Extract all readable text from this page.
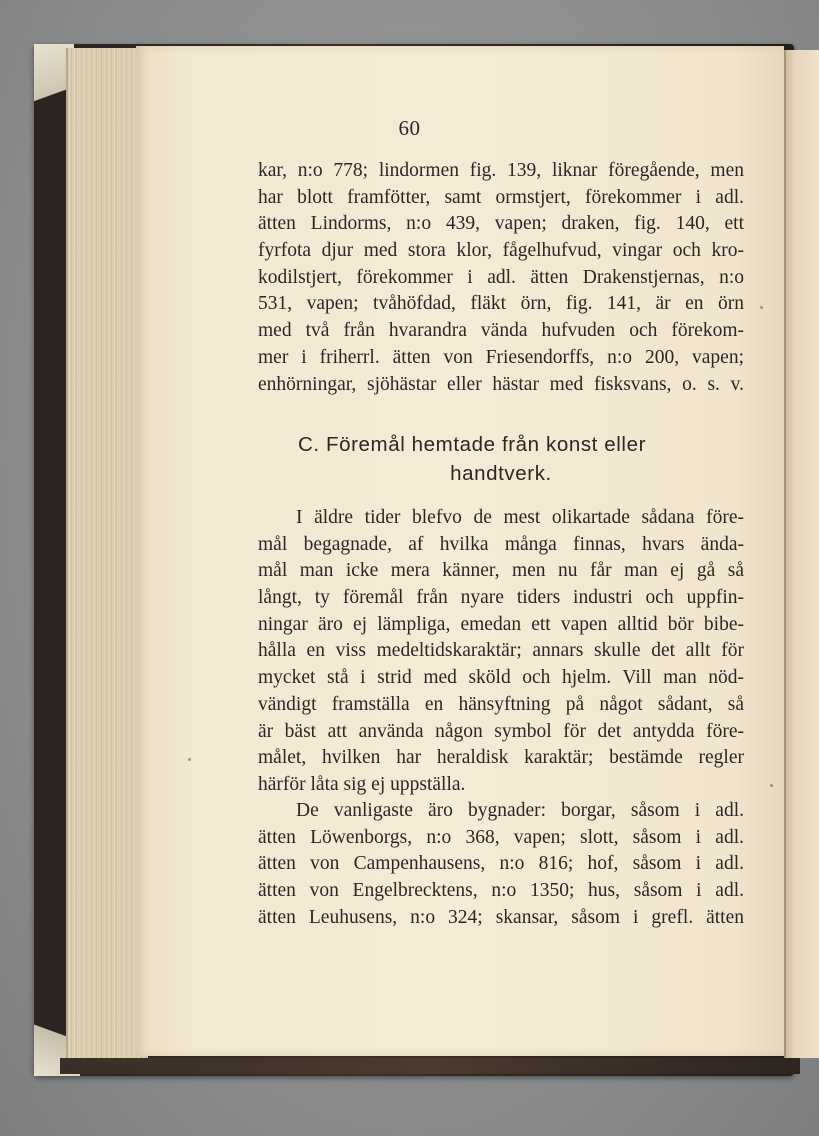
60
kar, n:o 778; lindormen fig. 139, liknar föregående, men
har blott framfötter, samt ormstjert, förekommer i adl.
ätten Lindorms, n:o 439, vapen; draken, fig. 140, ett
fyrfota djur med stora klor, fågelhufvud, vingar och kro-
kodilstjert, förekommer i adl. ätten Drakenstjernas, n:o
531, vapen; tvåhöfdad, fläkt örn, fig. 141, är en örn
med två från hvarandra vända hufvuden och förekom-
mer i friherrl. ätten von Friesendorffs, n:o 200, vapen;
enhörningar, sjöhästar eller hästar med fisksvans, o. s. v.
C. Föremål hemtade från konst eller
handtverk.
I äldre tider blefvo de mest olikartade sådana före-
mål begagnade, af hvilka många finnas, hvars ända-
mål man icke mera känner, men nu får man ej gå så
långt, ty föremål från nyare tiders industri och uppfin-
ningar äro ej lämpliga, emedan ett vapen alltid bör bibe-
hålla en viss medeltidskaraktär; annars skulle det allt för
mycket stå i strid med sköld och hjelm. Vill man nöd-
vändigt framställa en hänsyftning på något sådant, så
är bäst att använda någon symbol för det antydda före-
målet, hvilken har heraldisk karaktär; bestämde regler
härför låta sig ej uppställa.
De vanligaste äro bygnader: borgar, såsom i adl.
ätten Löwenborgs, n:o 368, vapen; slott, såsom i adl.
ätten von Campenhausens, n:o 816; hof, såsom i adl.
ätten von Engelbrecktens, n:o 1350; hus, såsom i adl.
ätten Leuhusens, n:o 324; skansar, såsom i grefl. ätten
